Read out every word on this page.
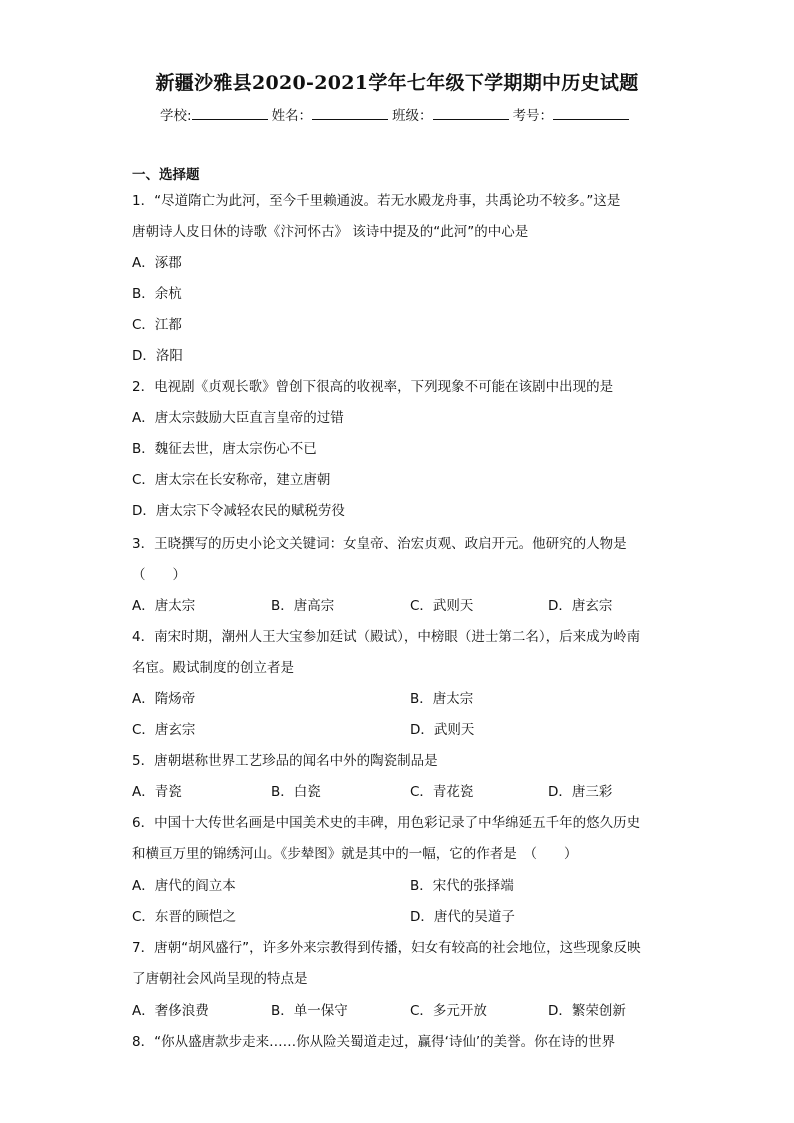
新疆沙雅县2020-2021学年七年级下学期期中历史试题
学校:	姓名：	班级：	考号：
一、选择题
1．“尽道隋亡为此河，至今千里赖通波。若无水殿龙舟事，共禹论功不较多。”这是
唐朝诗人皮日休的诗歌《汴河怀古》 该诗中提及的“此河”的中心是
A．涿郡
B．余杭
C．江都
D．洛阳
2．电视剧《贞观长歌》曾创下很高的收视率，下列现象不可能在该剧中出现的是
A．唐太宗鼓励大臣直言皇帝的过错
B．魏征去世，唐太宗伤心不已
C．唐太宗在长安称帝，建立唐朝
D．唐太宗下令减轻农民的赋税劳役
3．王晓撰写的历史小论文关键词：女皇帝、治宏贞观、政启开元。他研究的人物是
（　　）
A．唐太宗	B．唐高宗	C．武则天	D．唐玄宗
4．南宋时期，潮州人王大宝参加廷试（殿试），中榜眼（进士第二名），后来成为岭南
名宦。殿试制度的创立者是
A．隋炀帝	B．唐太宗
C．唐玄宗	D．武则天
5．唐朝堪称世界工艺珍品的闻名中外的陶瓷制品是
A．青瓷	B．白瓷	C．青花瓷	D．唐三彩
6．中国十大传世名画是中国美术史的丰碑，用色彩记录了中华绵延五千年的悠久历史
和横亘万里的锦绣河山。《步辇图》就是其中的一幅，它的作者是　（　　）
A．唐代的阎立本	B．宋代的张择端
C．东晋的顾恺之	D．唐代的吴道子
7．唐朝“胡风盛行”，许多外来宗教得到传播，妇女有较高的社会地位，这些现象反映
了唐朝社会风尚呈现的特点是
A．奢侈浪费	B．单一保守	C．多元开放	D．繁荣创新
8．“你从盛唐款步走来……你从险关蜀道走过，赢得‘诗仙’的美誉。你在诗的世界
